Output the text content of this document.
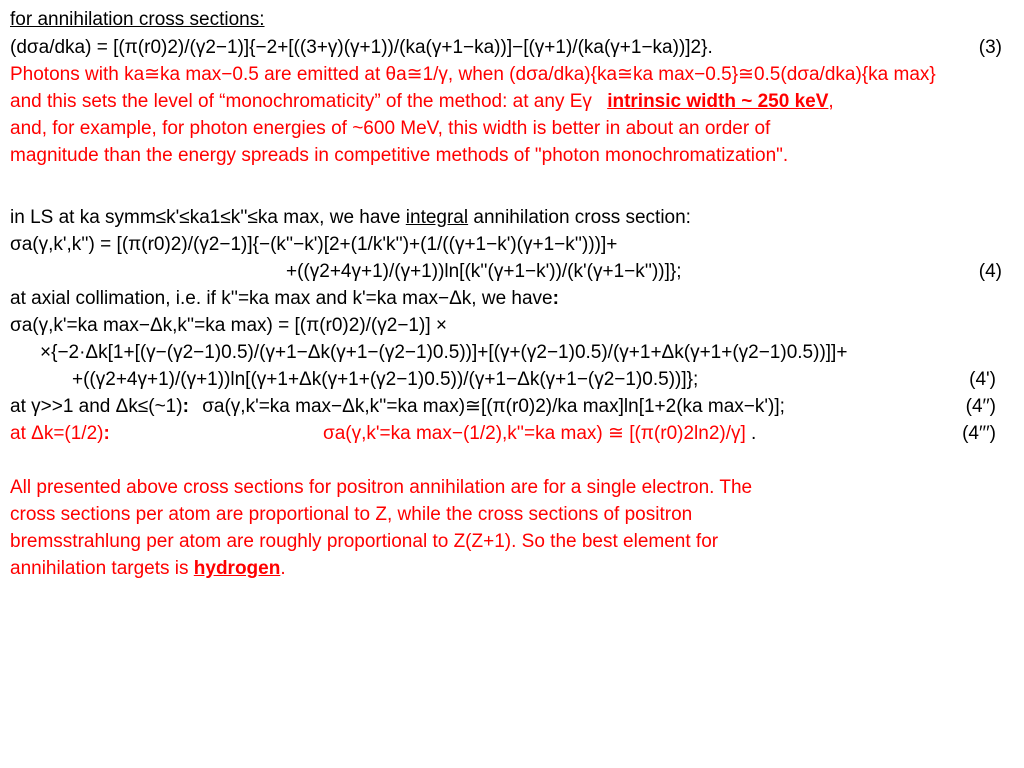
for annihilation cross sections:
(dσa/dka) = [(π(r0)2)/(γ2−1)]{−2+[((3+γ)(γ+1))/(ka(γ+1−ka))]−[(γ+1)/(ka(γ+1−ka))]2}.	(3)
Photons with ka≅ka max−0.5 are emitted at θa≅1/γ, when (dσa/dka){ka≅ka max−0.5}≅0.5(dσa/dka){ka max}
and this sets the level of “monochromaticity” of the method: at any Eγ intrinsic width ~ 250 keV,
and, for example, for photon energies of ~600 MeV, this width is better in about an order of
magnitude than the energy spreads in competitive methods of "photon monochromatization".
in LS at ka symm≤k'≤ka1≤k''≤ka max, we have integral annihilation cross section:
σa(γ,k',k'') = [(π(r0)2)/(γ2−1)]{−(k''−k')[2+(1/k'k'')+(1/((γ+1−k')(γ+1−k'')))]+
+((γ2+4γ+1)/(γ+1))ln[(k''(γ+1−k'))/(k'(γ+1−k''))]};	(4)
at axial collimation, i.e. if k''=ka max and k'=ka max−Δk, we have:
σa(γ,k'=ka max−Δk,k''=ka max) = [(π(r0)2)/(γ2−1)] ×
×{−2·Δk[1+[(γ−(γ2−1)0.5)/(γ+1−Δk(γ+1−(γ2−1)0.5))]+[(γ+(γ2−1)0.5)/(γ+1+Δk(γ+1+(γ2−1)0.5))]]+
+((γ2+4γ+1)/(γ+1))ln[(γ+1+Δk(γ+1+(γ2−1)0.5))/(γ+1−Δk(γ+1−(γ2−1)0.5))]};	(4')
at γ>>1 and Δk≤(~1): σa(γ,k'=ka max−Δk,k''=ka max)≅[(π(r0)2)/ka max]ln[1+2(ka max−k')];	(4′′)
at Δk=(1/2):	σa(γ,k'=ka max−(1/2),k''=ka max) ≅ [(π(r0)2ln2)/γ] .	(4′′′)
All presented above cross sections for positron annihilation are for a single electron. The
cross sections per atom are proportional to Z, while the cross sections of positron
bremsstrahlung per atom are roughly proportional to Z(Z+1). So the best element for
annihilation targets is hydrogen.
